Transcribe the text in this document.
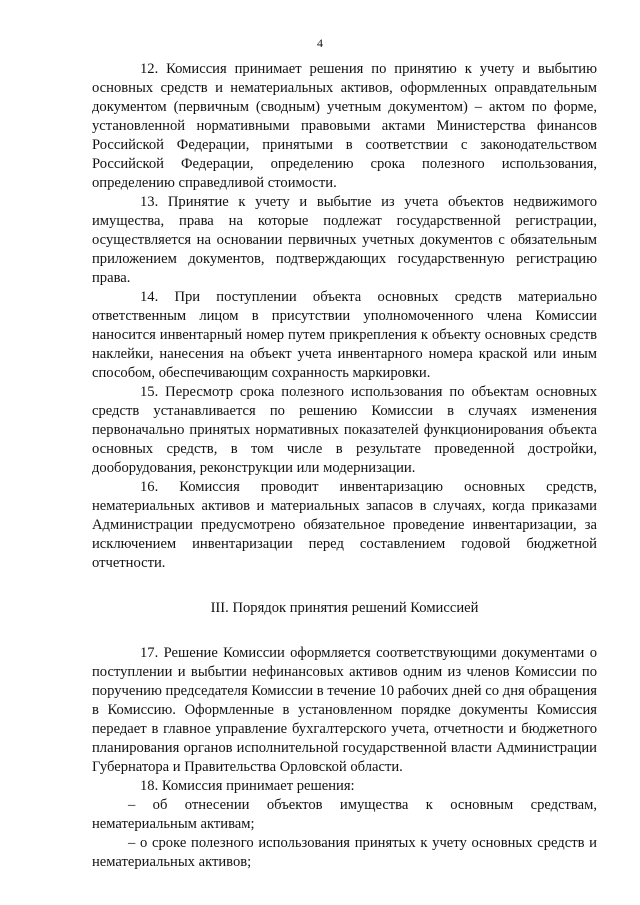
4

12. Комиссия принимает решения по принятию к учету и выбытию основных средств и нематериальных активов, оформленных оправдательным документом (первичным (сводным) учетным документом) – актом по форме, установленной нормативными правовыми актами Министерства финансов Российской Федерации, принятыми в соответствии с законодательством Российской Федерации, определению срока полезного использования, определению справедливой стоимости.

13. Принятие к учету и выбытие из учета объектов недвижимого имущества, права на которые подлежат государственной регистрации, осуществляется на основании первичных учетных документов с обязательным приложением документов, подтверждающих государственную регистрацию права.

14. При поступлении объекта основных средств материально ответственным лицом в присутствии уполномоченного члена Комиссии наносится инвентарный номер путем прикрепления к объекту основных средств наклейки, нанесения на объект учета инвентарного номера краской или иным способом, обеспечивающим сохранность маркировки.

15. Пересмотр срока полезного использования по объектам основных средств устанавливается по решению Комиссии в случаях изменения первоначально принятых нормативных показателей функционирования объекта основных средств, в том числе в результате проведенной достройки, дооборудования, реконструкции или модернизации.

16. Комиссия проводит инвентаризацию основных средств, нематериальных активов и материальных запасов в случаях, когда приказами Администрации предусмотрено обязательное проведение инвентаризации, за исключением инвентаризации перед составлением годовой бюджетной отчетности.

III. Порядок принятия решений Комиссией

17. Решение Комиссии оформляется соответствующими документами о поступлении и выбытии нефинансовых активов одним из членов Комиссии по поручению председателя Комиссии в течение 10 рабочих дней со дня обращения в Комиссию. Оформленные в установленном порядке документы Комиссия передает в главное управление бухгалтерского учета, отчетности и бюджетного планирования органов исполнительной государственной власти Администрации Губернатора и Правительства Орловской области.

18. Комиссия принимает решения:

– об отнесении объектов имущества к основным средствам, нематериальным активам;

– о сроке полезного использования принятых к учету основных средств и нематериальных активов;
